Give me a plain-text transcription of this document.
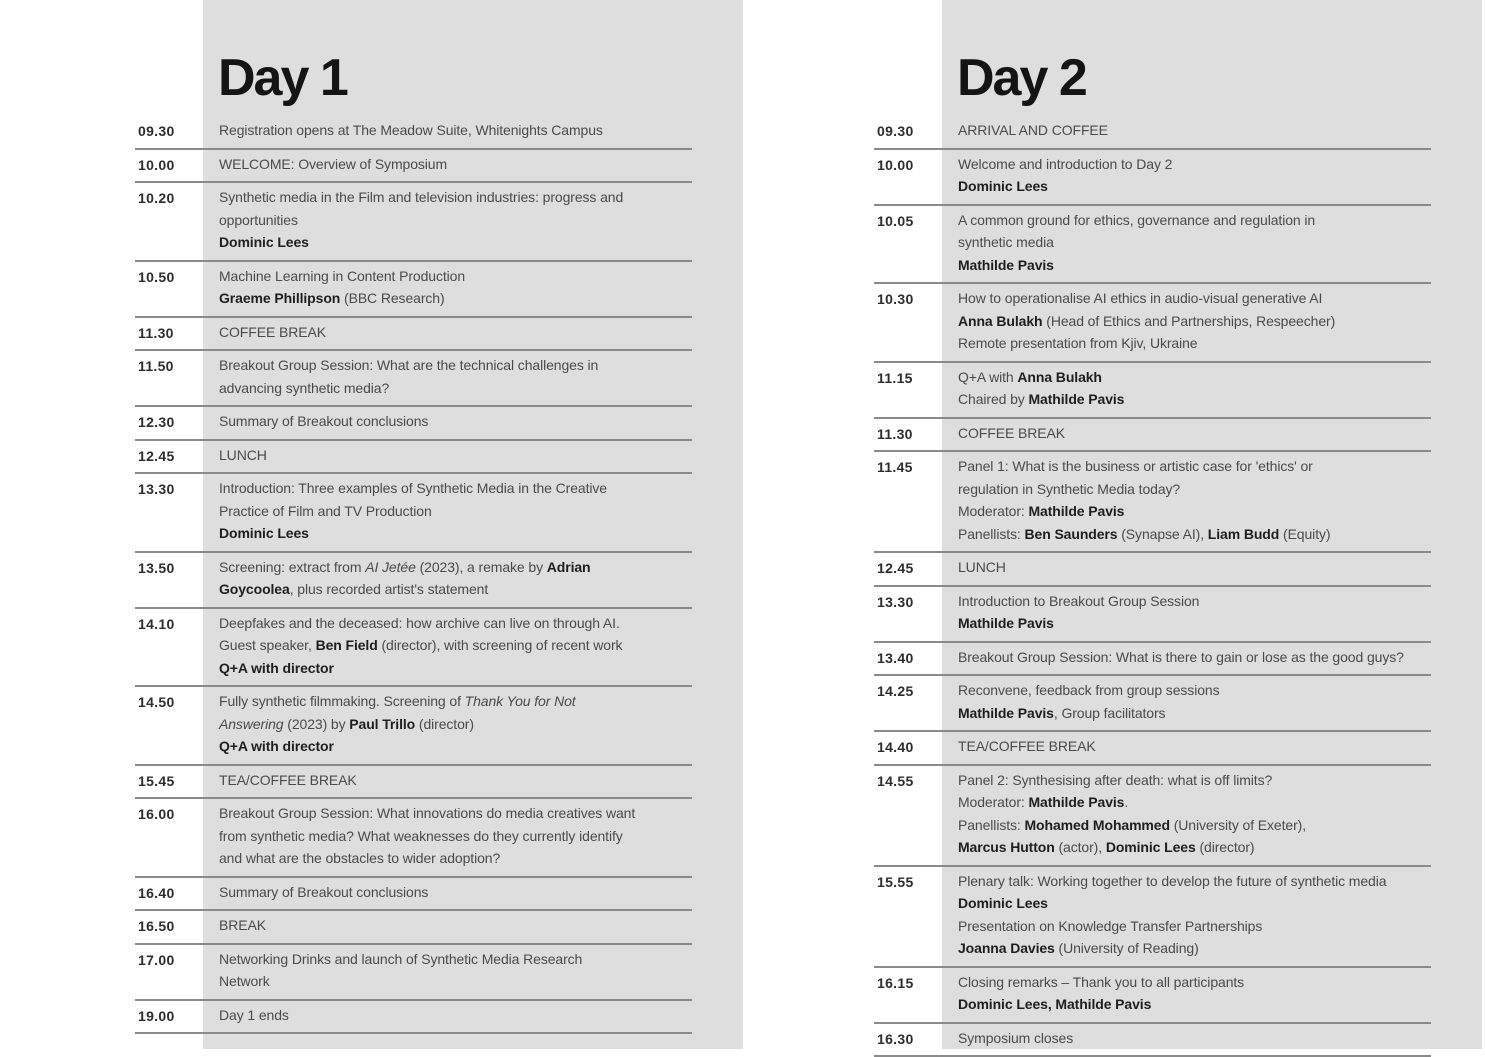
Day 1
09.30	Registration opens at The Meadow Suite, Whitenights Campus
10.00	WELCOME: Overview of Symposium
10.20	Synthetic media in the Film and television industries: progress and
opportunities
Dominic Lees
10.50	Machine Learning in Content Production
Graeme Phillipson (BBC Research)
11.30	COFFEE BREAK
11.50	Breakout Group Session: What are the technical challenges in
advancing synthetic media?
12.30	Summary of Breakout conclusions
12.45	LUNCH
13.30	Introduction: Three examples of Synthetic Media in the Creative
Practice of Film and TV Production
Dominic Lees
13.50	Screening: extract from AI Jetée (2023), a remake by Adrian
Goycoolea, plus recorded artist's statement
14.10	Deepfakes and the deceased: how archive can live on through AI.
Guest speaker, Ben Field (director), with screening of recent work
Q+A with director
14.50	Fully synthetic filmmaking. Screening of Thank You for Not
Answering (2023) by Paul Trillo (director)
Q+A with director
15.45	TEA/COFFEE BREAK
16.00	Breakout Group Session: What innovations do media creatives want
from synthetic media? What weaknesses do they currently identify
and what are the obstacles to wider adoption?
16.40	Summary of Breakout conclusions
16.50	BREAK
17.00	Networking Drinks and launch of Synthetic Media Research
Network
19.00	Day 1 ends
Day 2
09.30	ARRIVAL AND COFFEE
10.00	Welcome and introduction to Day 2
Dominic Lees
10.05	A common ground for ethics, governance and regulation in
synthetic media
Mathilde Pavis
10.30	How to operationalise AI ethics in audio-visual generative AI
Anna Bulakh (Head of Ethics and Partnerships, Respeecher)
Remote presentation from Kjiv, Ukraine
11.15	Q+A with Anna Bulakh
Chaired by Mathilde Pavis
11.30	COFFEE BREAK
11.45	Panel 1: What is the business or artistic case for 'ethics' or
regulation in Synthetic Media today?
Moderator: Mathilde Pavis
Panellists: Ben Saunders (Synapse AI), Liam Budd (Equity)
12.45	LUNCH
13.30	Introduction to Breakout Group Session
Mathilde Pavis
13.40	Breakout Group Session: What is there to gain or lose as the good guys?
14.25	Reconvene, feedback from group sessions
Mathilde Pavis, Group facilitators
14.40	TEA/COFFEE BREAK
14.55	Panel 2: Synthesising after death: what is off limits?
Moderator: Mathilde Pavis.
Panellists: Mohamed Mohammed (University of Exeter),
Marcus Hutton (actor), Dominic Lees (director)
15.55	Plenary talk: Working together to develop the future of synthetic media
Dominic Lees
Presentation on Knowledge Transfer Partnerships
Joanna Davies (University of Reading)
16.15	Closing remarks – Thank you to all participants
Dominic Lees, Mathilde Pavis
16.30	Symposium closes
